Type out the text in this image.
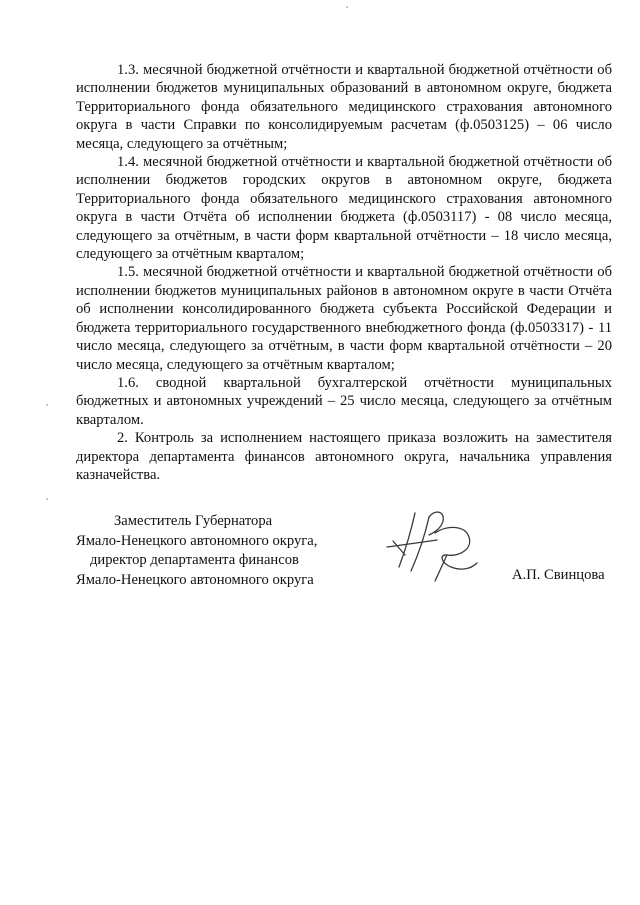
1.3. месячной бюджетной отчётности и квартальной бюджетной отчётности об исполнении бюджетов муниципальных образований в автономном округе, бюджета Территориального фонда обязательного медицинского страхования автономного округа в части Справки по консолидируемым расчетам (ф.0503125) – 06 число месяца, следующего за отчётным;

1.4. месячной бюджетной отчётности и квартальной бюджетной отчётности об исполнении бюджетов городских округов в автономном округе, бюджета Территориального фонда обязательного медицинского страхования автономного округа в части Отчёта об исполнении бюджета (ф.0503117) - 08 число месяца, следующего за отчётным, в части форм квартальной отчётности – 18 число месяца, следующего за отчётным кварталом;

1.5. месячной бюджетной отчётности и квартальной бюджетной отчётности об исполнении бюджетов муниципальных районов в автономном округе в части Отчёта об исполнении консолидированного бюджета субъекта Российской Федерации и бюджета территориального государственного внебюджетного фонда (ф.0503317) - 11 число месяца, следующего за отчётным, в части форм квартальной отчётности – 20 число месяца, следующего за отчётным кварталом;

1.6. сводной квартальной бухгалтерской отчётности муниципальных бюджетных и автономных учреждений – 25 число месяца, следующего за отчётным кварталом.

2. Контроль за исполнением настоящего приказа возложить на заместителя директора департамента финансов автономного округа, начальника управления казначейства.

Заместитель Губернатора
Ямало-Ненецкого автономного округа,
директор департамента финансов
Ямало-Ненецкого автономного округа	А.П. Свинцова
